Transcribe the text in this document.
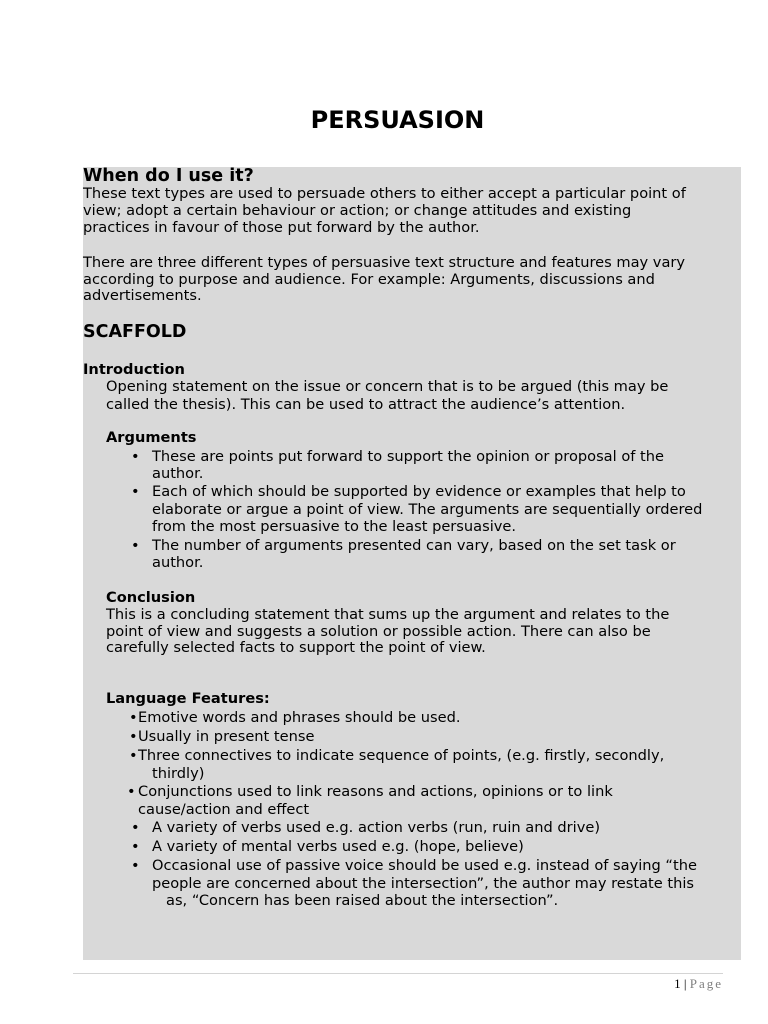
PERSUASION
When do I use it?
These text types are used to persuade others to either accept a particular point of
view; adopt a certain behaviour or action; or change attitudes and existing
practices in favour of those put forward by the author.
There are three different types of persuasive text structure and features may vary
according to purpose and audience. For example: Arguments, discussions and
advertisements.
SCAFFOLD
Introduction
Opening statement on the issue or concern that is to be argued (this may be
called the thesis). This can be used to attract the audience’s attention.
Arguments
• These are points put forward to support the opinion or proposal of the
author.
• Each of which should be supported by evidence or examples that help to
elaborate or argue a point of view. The arguments are sequentially ordered
from the most persuasive to the least persuasive.
• The number of arguments presented can vary, based on the set task or
author.
Conclusion
This is a concluding statement that sums up the argument and relates to the
point of view and suggests a solution or possible action. There can also be
carefully selected facts to support the point of view.
Language Features:
• Emotive words and phrases should be used.
• Usually in present tense
• Three connectives to indicate sequence of points, (e.g. firstly, secondly,
thirdly)
• Conjunctions used to link reasons and actions, opinions or to link
cause/action and effect
• A variety of verbs used e.g. action verbs (run, ruin and drive)
• A variety of mental verbs used e.g. (hope, believe)
• Occasional use of passive voice should be used e.g. instead of saying “the
people are concerned about the intersection”, the author may restate this
as, “Concern has been raised about the intersection”.
1 | Page
